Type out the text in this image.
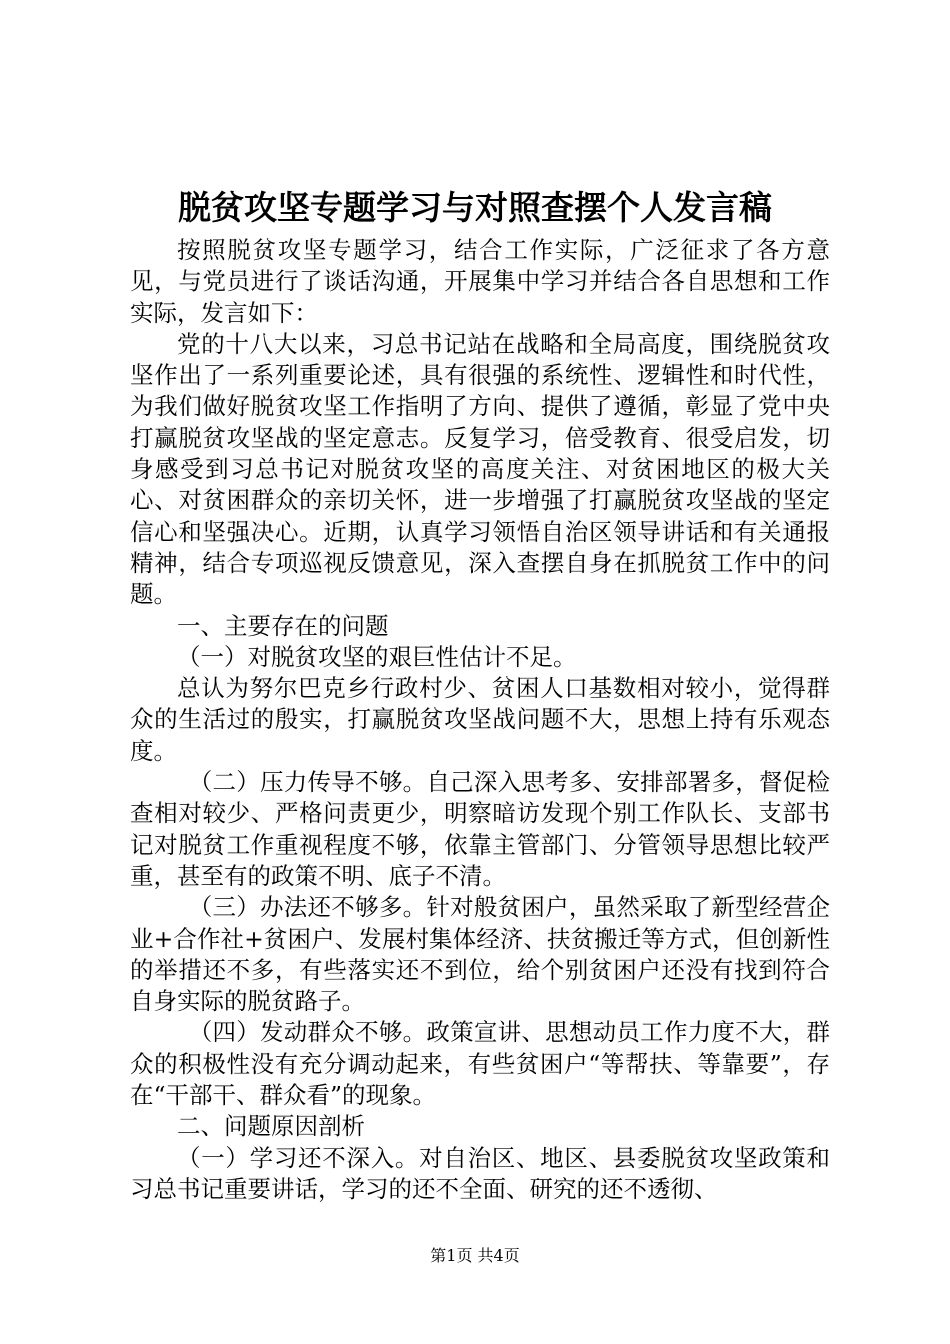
脱贫攻坚专题学习与对照查摆个人发言稿

按照脱贫攻坚专题学习，结合工作实际，广泛征求了各方意见，与党员进行了谈话沟通，开展集中学习并结合各自思想和工作实际，发言如下：

党的十八大以来，习总书记站在战略和全局高度，围绕脱贫攻坚作出了一系列重要论述，具有很强的系统性、逻辑性和时代性，为我们做好脱贫攻坚工作指明了方向、提供了遵循，彰显了党中央打赢脱贫攻坚战的坚定意志。反复学习，倍受教育、很受启发，切身感受到习总书记对脱贫攻坚的高度关注、对贫困地区的极大关心、对贫困群众的亲切关怀，进一步增强了打赢脱贫攻坚战的坚定信心和坚强决心。近期，认真学习领悟自治区领导讲话和有关通报精神，结合专项巡视反馈意见，深入查摆自身在抓脱贫工作中的问题。

一、主要存在的问题

（一）对脱贫攻坚的艰巨性估计不足。

总认为努尔巴克乡行政村少、贫困人口基数相对较小，觉得群众的生活过的殷实，打赢脱贫攻坚战问题不大，思想上持有乐观态度。

（二）压力传导不够。自己深入思考多、安排部署多，督促检查相对较少、严格问责更少，明察暗访发现个别工作队长、支部书记对脱贫工作重视程度不够，依靠主管部门、分管领导思想比较严重，甚至有的政策不明、底子不清。

（三）办法还不够多。针对般贫困户，虽然采取了新型经营企业+合作社+贫困户、发展村集体经济、扶贫搬迁等方式，但创新性的举措还不多，有些落实还不到位，给个别贫困户还没有找到符合自身实际的脱贫路子。

（四）发动群众不够。政策宣讲、思想动员工作力度不大，群众的积极性没有充分调动起来，有些贫困户“等帮扶、等靠要”，存在“干部干、群众看”的现象。

二、问题原因剖析

（一）学习还不深入。对自治区、地区、县委脱贫攻坚政策和习总书记重要讲话，学习的还不全面、研究的还不透彻、

第1页 共4页
